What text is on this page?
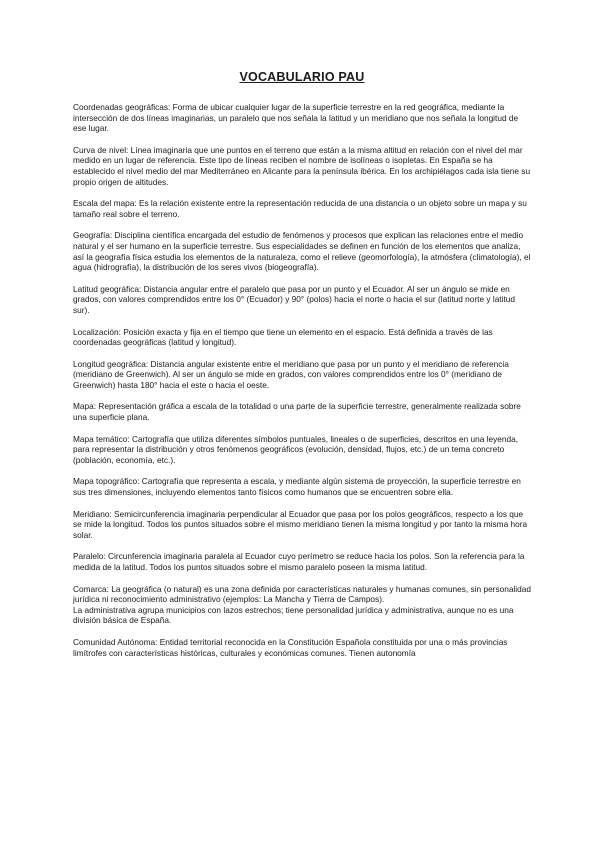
VOCABULARIO PAU

Coordenadas geográficas: Forma de ubicar cualquier lugar de la superficie terrestre en la red geográfica, mediante la intersección de dos líneas imaginarias, un paralelo que nos señala la latitud y un meridiano que nos señala la longitud de ese lugar.

Curva de nivel: Línea imaginaria que une puntos en el terreno que están a la misma altitud en relación con el nivel del mar medido en un lugar de referencia. Este tipo de líneas reciben el nombre de isolíneas o isopletas. En España se ha establecido el nivel medio del mar Mediterráneo en Alicante para la península ibérica. En los archipiélagos cada isla tiene su propio origen de altitudes.

Escala del mapa: Es la relación existente entre la representación reducida de una distancia o un objeto sobre un mapa y su tamaño real sobre el terreno.

Geografía: Disciplina científica encargada del estudio de fenómenos y procesos que explican las relaciones entre el medio natural y el ser humano en la superficie terrestre. Sus especialidades se definen en función de los elementos que analiza, así la geografía física estudia los elementos de la naturaleza, como el relieve (geomorfología), la atmósfera (climatología), el agua (hidrografía), la distribución de los seres vivos (biogeografía).

Latitud geográfica: Distancia angular entre el paralelo que pasa por un punto y el Ecuador. Al ser un ángulo se mide en grados, con valores comprendidos entre los 0° (Ecuador) y 90° (polos) hacia el norte o hacia el sur (latitud norte y latitud sur).

Localización: Posición exacta y fija en el tiempo que tiene un elemento en el espacio. Está definida a través de las coordenadas geográficas (latitud y longitud).

Longitud geográfica: Distancia angular existente entre el meridiano que pasa por un punto y el meridiano de referencia (meridiano de Greenwich). Al ser un ángulo se mide en grados, con valores comprendidos entre los 0° (meridiano de Greenwich) hasta 180° hacia el este o hacia el oeste.

Mapa: Representación gráfica a escala de la totalidad o una parte de la superficie terrestre, generalmente realizada sobre una superficie plana.

Mapa temático: Cartografía que utiliza diferentes símbolos puntuales, lineales o de superficies, descritos en una leyenda, para representar la distribución y otros fenómenos geográficos (evolución, densidad, flujos, etc.) de un tema concreto (población, economía, etc.).

Mapa topográfico: Cartografía que representa a escala, y mediante algún sistema de proyección, la superficie terrestre en sus tres dimensiones, incluyendo elementos tanto físicos como humanos que se encuentren sobre ella.

Meridiano: Semicircunferencia imaginaria perpendicular al Ecuador que pasa por los polos geográficos, respecto a los que se mide la longitud. Todos los puntos situados sobre el mismo meridiano tienen la misma longitud y por tanto la misma hora solar.

Paralelo: Circunferencia imaginaria paralela al Ecuador cuyo perímetro se reduce hacia los polos. Son la referencia para la medida de la latitud. Todos los puntos situados sobre el mismo paralelo poseen la misma latitud.

Comarca: La geográfica (o natural) es una zona definida por características naturales y humanas comunes, sin personalidad jurídica ni reconocimiento administrativo (ejemplos: La Mancha y Tierra de Campos).
La administrativa agrupa municipios con lazos estrechos; tiene personalidad jurídica y administrativa, aunque no es una división básica de España.

Comunidad Autónoma: Entidad territorial reconocida en la Constitución Española constituida por una o más provincias limítrofes con características históricas, culturales y económicas comunes. Tienen autonomía
